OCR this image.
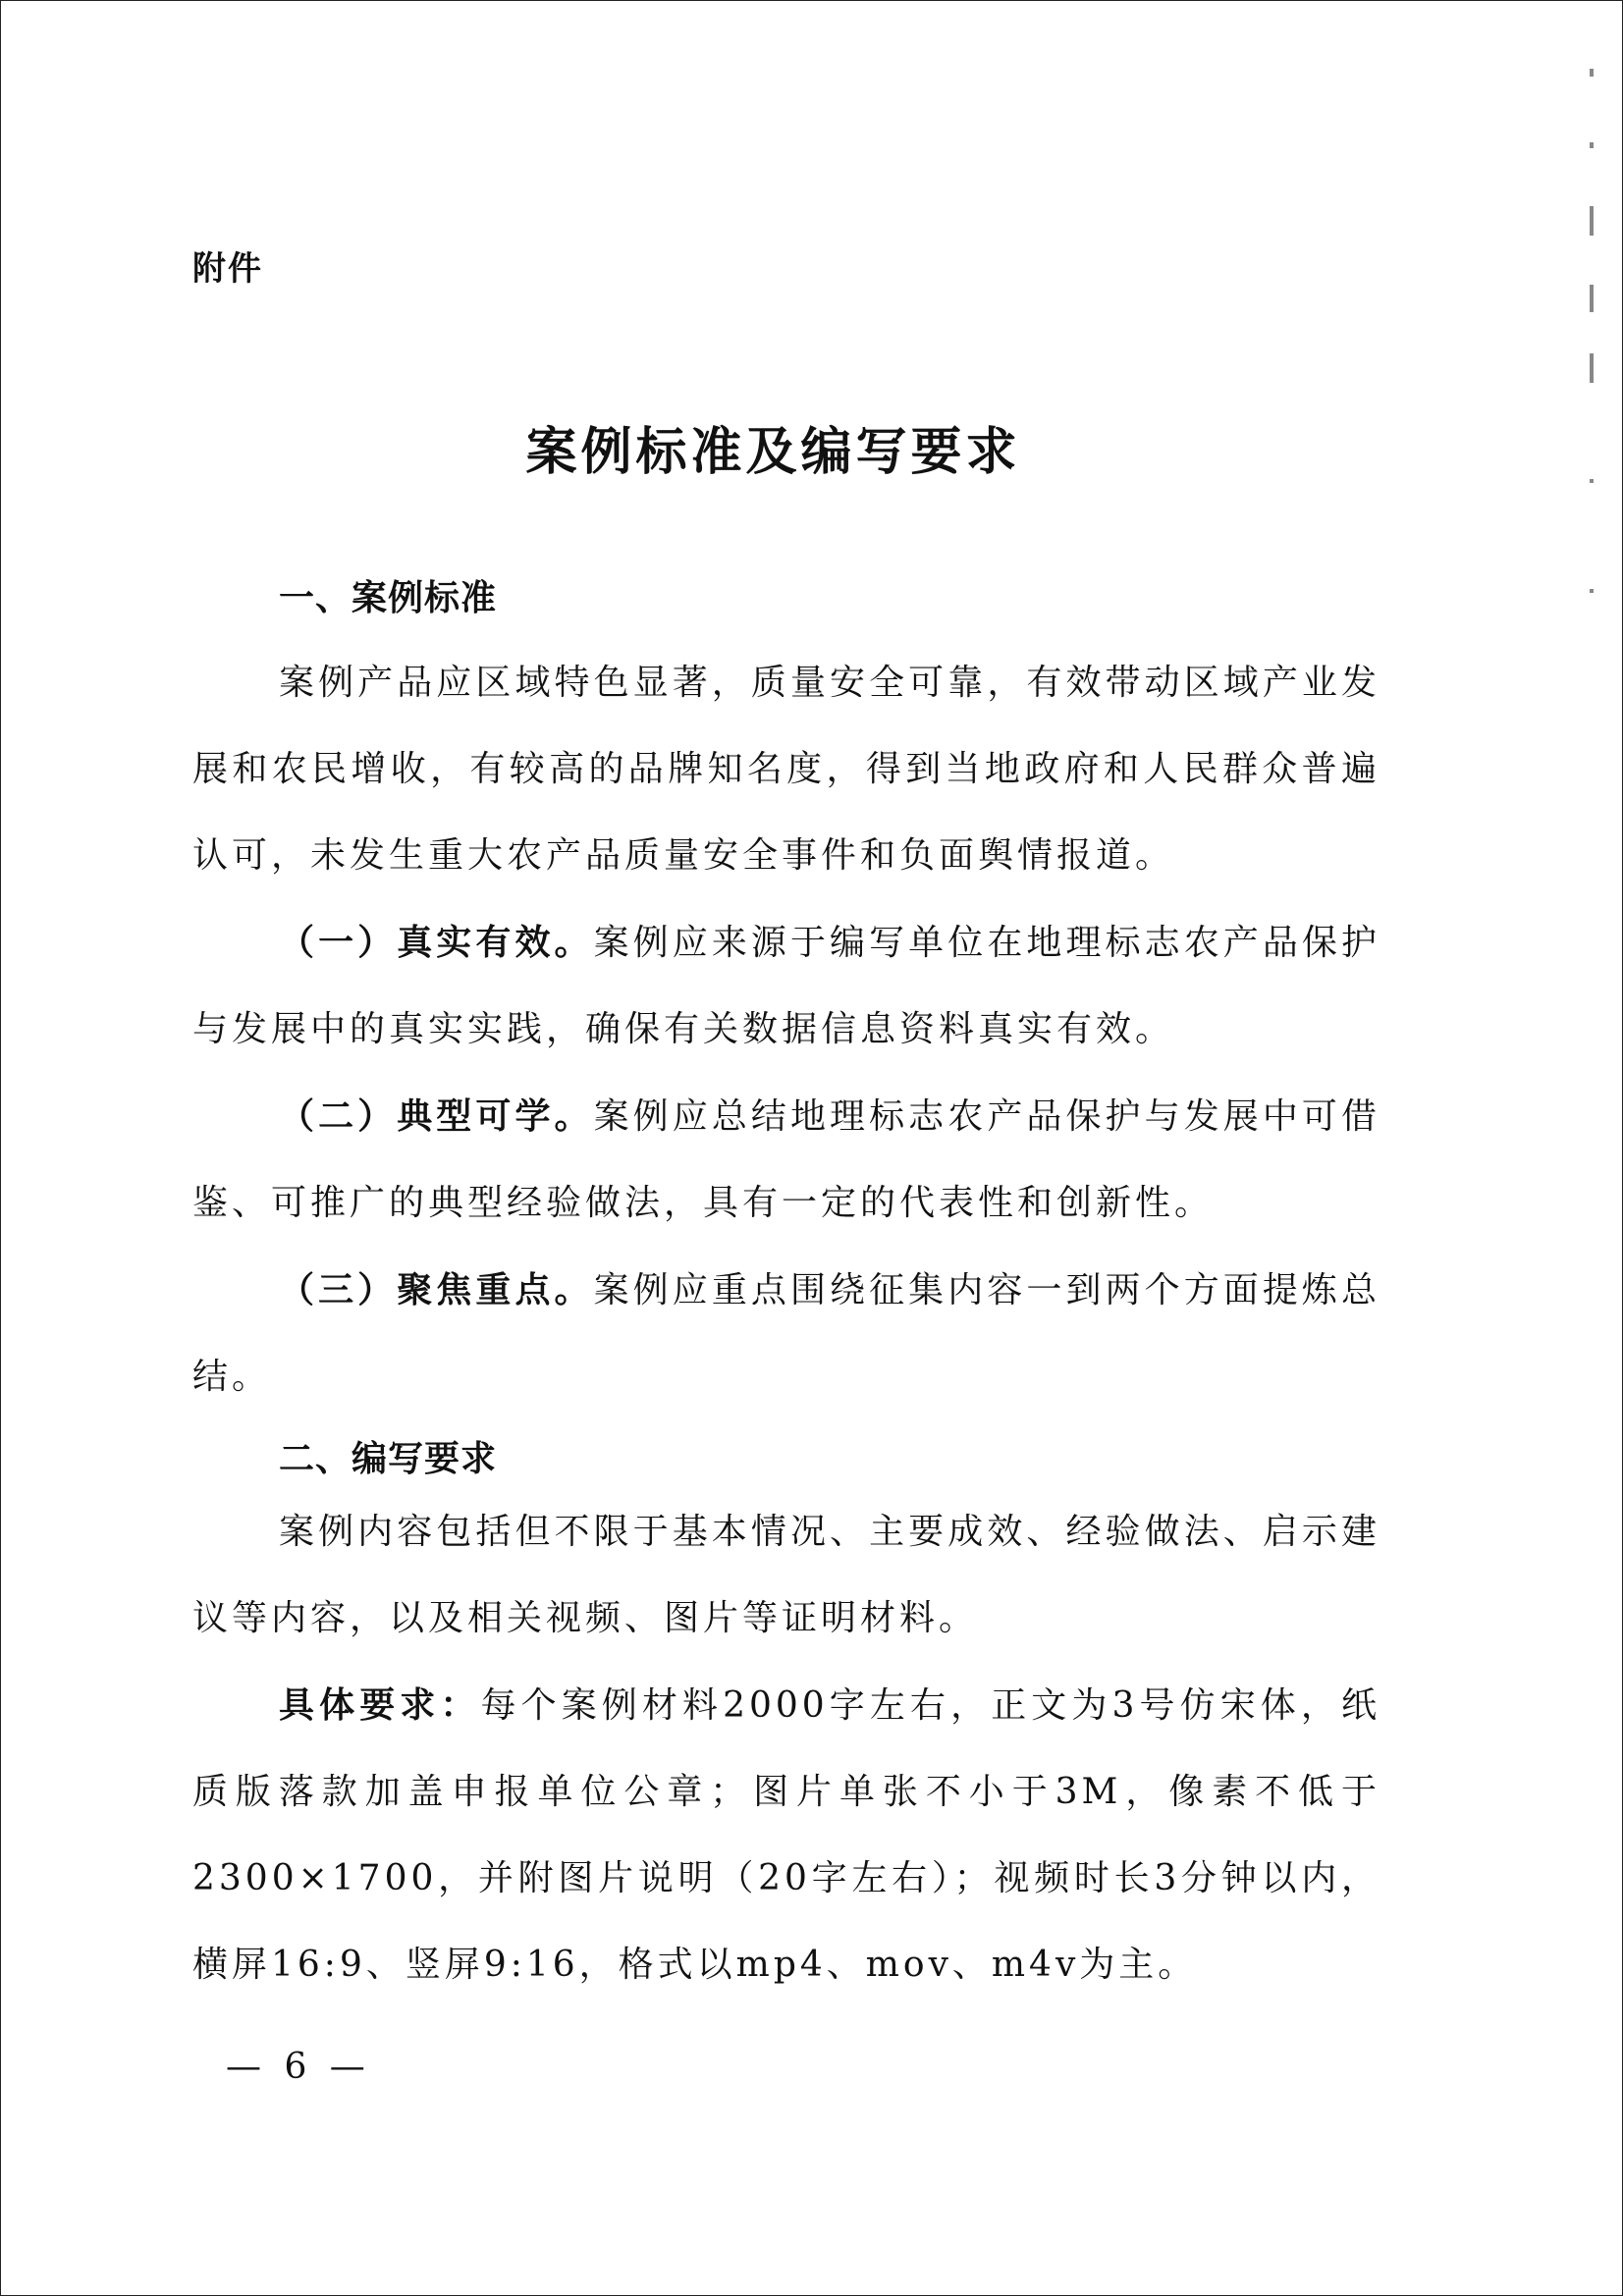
附件
案例标准及编写要求

一、案例标准

案例产品应区域特色显著，质量安全可靠，有效带动区域产业发展和农民增收，有较高的品牌知名度，得到当地政府和人民群众普遍认可，未发生重大农产品质量安全事件和负面舆情报道。

（一）真实有效。案例应来源于编写单位在地理标志农产品保护与发展中的真实实践，确保有关数据信息资料真实有效。

（二）典型可学。案例应总结地理标志农产品保护与发展中可借鉴、可推广的典型经验做法，具有一定的代表性和创新性。

（三）聚焦重点。案例应重点围绕征集内容一到两个方面提炼总结。

二、编写要求

案例内容包括但不限于基本情况、主要成效、经验做法、启示建议等内容，以及相关视频、图片等证明材料。

具体要求：每个案例材料2000字左右，正文为3号仿宋体，纸质版落款加盖申报单位公章；图片单张不小于3M，像素不低于2300×1700，并附图片说明（20字左右）；视频时长3分钟以内，横屏16:9、竖屏9:16，格式以mp4、mov、m4v为主。

— 6 —
